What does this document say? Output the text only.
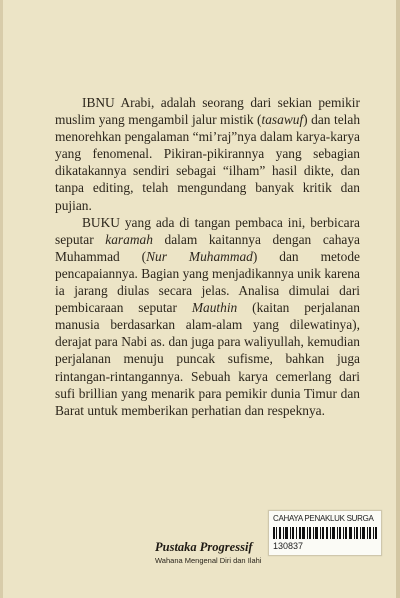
IBNU Arabi, adalah seorang dari sekian pemikir muslim yang mengambil jalur mistik (tasawuf) dan telah menorehkan pengalaman “mi’raj”nya dalam karya-karya yang fenomenal. Pikiran-pikirannya yang sebagian dikatakannya sendiri sebagai “ilham” hasil dikte, dan tanpa editing, telah mengundang banyak kritik dan pujian.

BUKU yang ada di tangan pembaca ini, berbicara seputar karamah dalam kaitannya dengan cahaya Muhammad (Nur Muhammad) dan metode pencapaiannya. Bagian yang menjadikannya unik karena ia jarang diulas secara jelas. Analisa dimulai dari pembicaraan seputar Mauthin (kaitan perjalanan manusia berdasarkan alam-alam yang dilewatinya), derajat para Nabi as. dan juga para waliyullah, kemudian perjalanan menuju puncak sufisme, bahkan juga rintangan-rintangannya. Sebuah karya cemerlang dari sufi brillian yang menarik para pemikir dunia Timur dan Barat untuk memberikan perhatian dan respeknya.

CAHAYA PENAKLUK SURGA
130837
Pustaka Progressif
Wahana Mengenal Diri dan Ilahi
